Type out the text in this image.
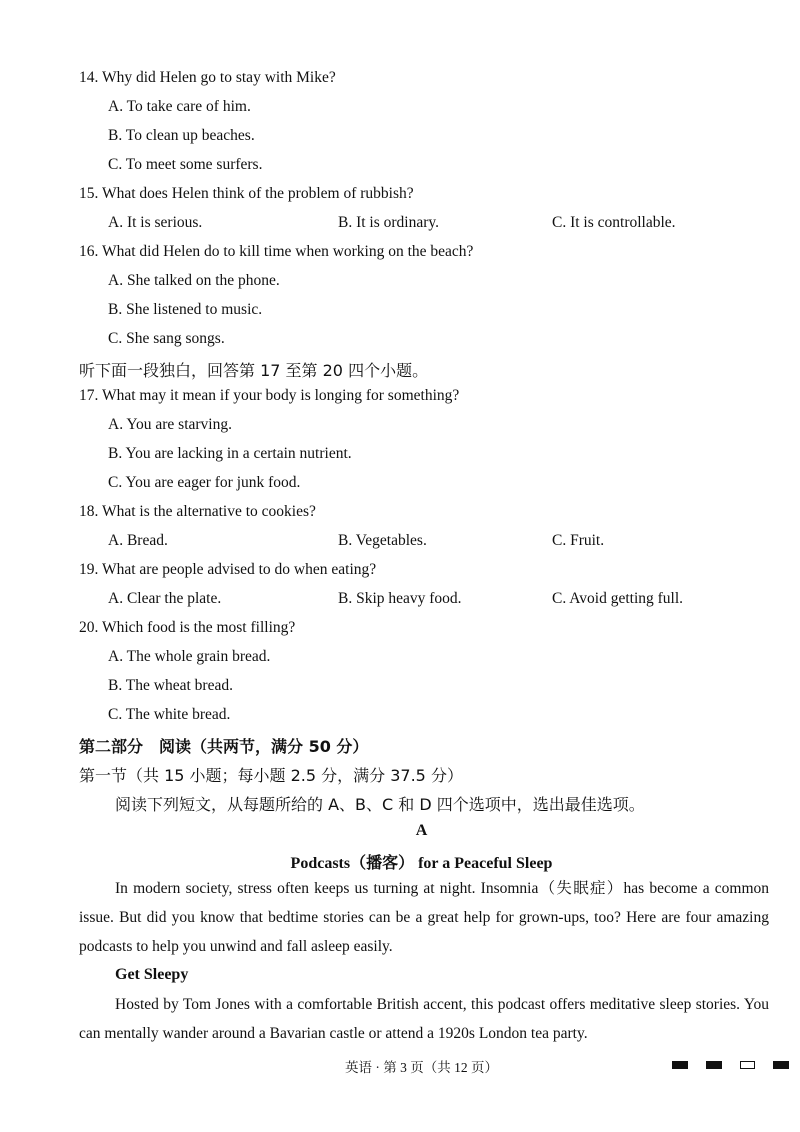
14. Why did Helen go to stay with Mike?
A. To take care of him.
B. To clean up beaches.
C. To meet some surfers.
15. What does Helen think of the problem of rubbish?
A. It is serious.	B. It is ordinary.	C. It is controllable.
16. What did Helen do to kill time when working on the beach?
A. She talked on the phone.
B. She listened to music.
C. She sang songs.
听下面一段独白，回答第 17 至第 20 四个小题。
17. What may it mean if your body is longing for something?
A. You are starving.
B. You are lacking in a certain nutrient.
C. You are eager for junk food.
18. What is the alternative to cookies?
A. Bread.	B. Vegetables.	C. Fruit.
19. What are people advised to do when eating?
A. Clear the plate.	B. Skip heavy food.	C. Avoid getting full.
20. Which food is the most filling?
A. The whole grain bread.
B. The wheat bread.
C. The white bread.
第二部分　阅读（共两节，满分 50 分）
第一节（共 15 小题；每小题 2.5 分，满分 37.5 分）
阅读下列短文，从每题所给的 A、B、C 和 D 四个选项中，选出最佳选项。
A
Podcasts（播客） for a Peaceful Sleep
In modern society, stress often keeps us turning at night. Insomnia（失眠症）has become a common issue. But did you know that bedtime stories can be a great help for grown-ups, too? Here are four amazing podcasts to help you unwind and fall asleep easily.
Get Sleepy
Hosted by Tom Jones with a comfortable British accent, this podcast offers meditative sleep stories. You can mentally wander around a Bavarian castle or attend a 1920s London tea party.
英语 · 第 3 页（共 12 页）
